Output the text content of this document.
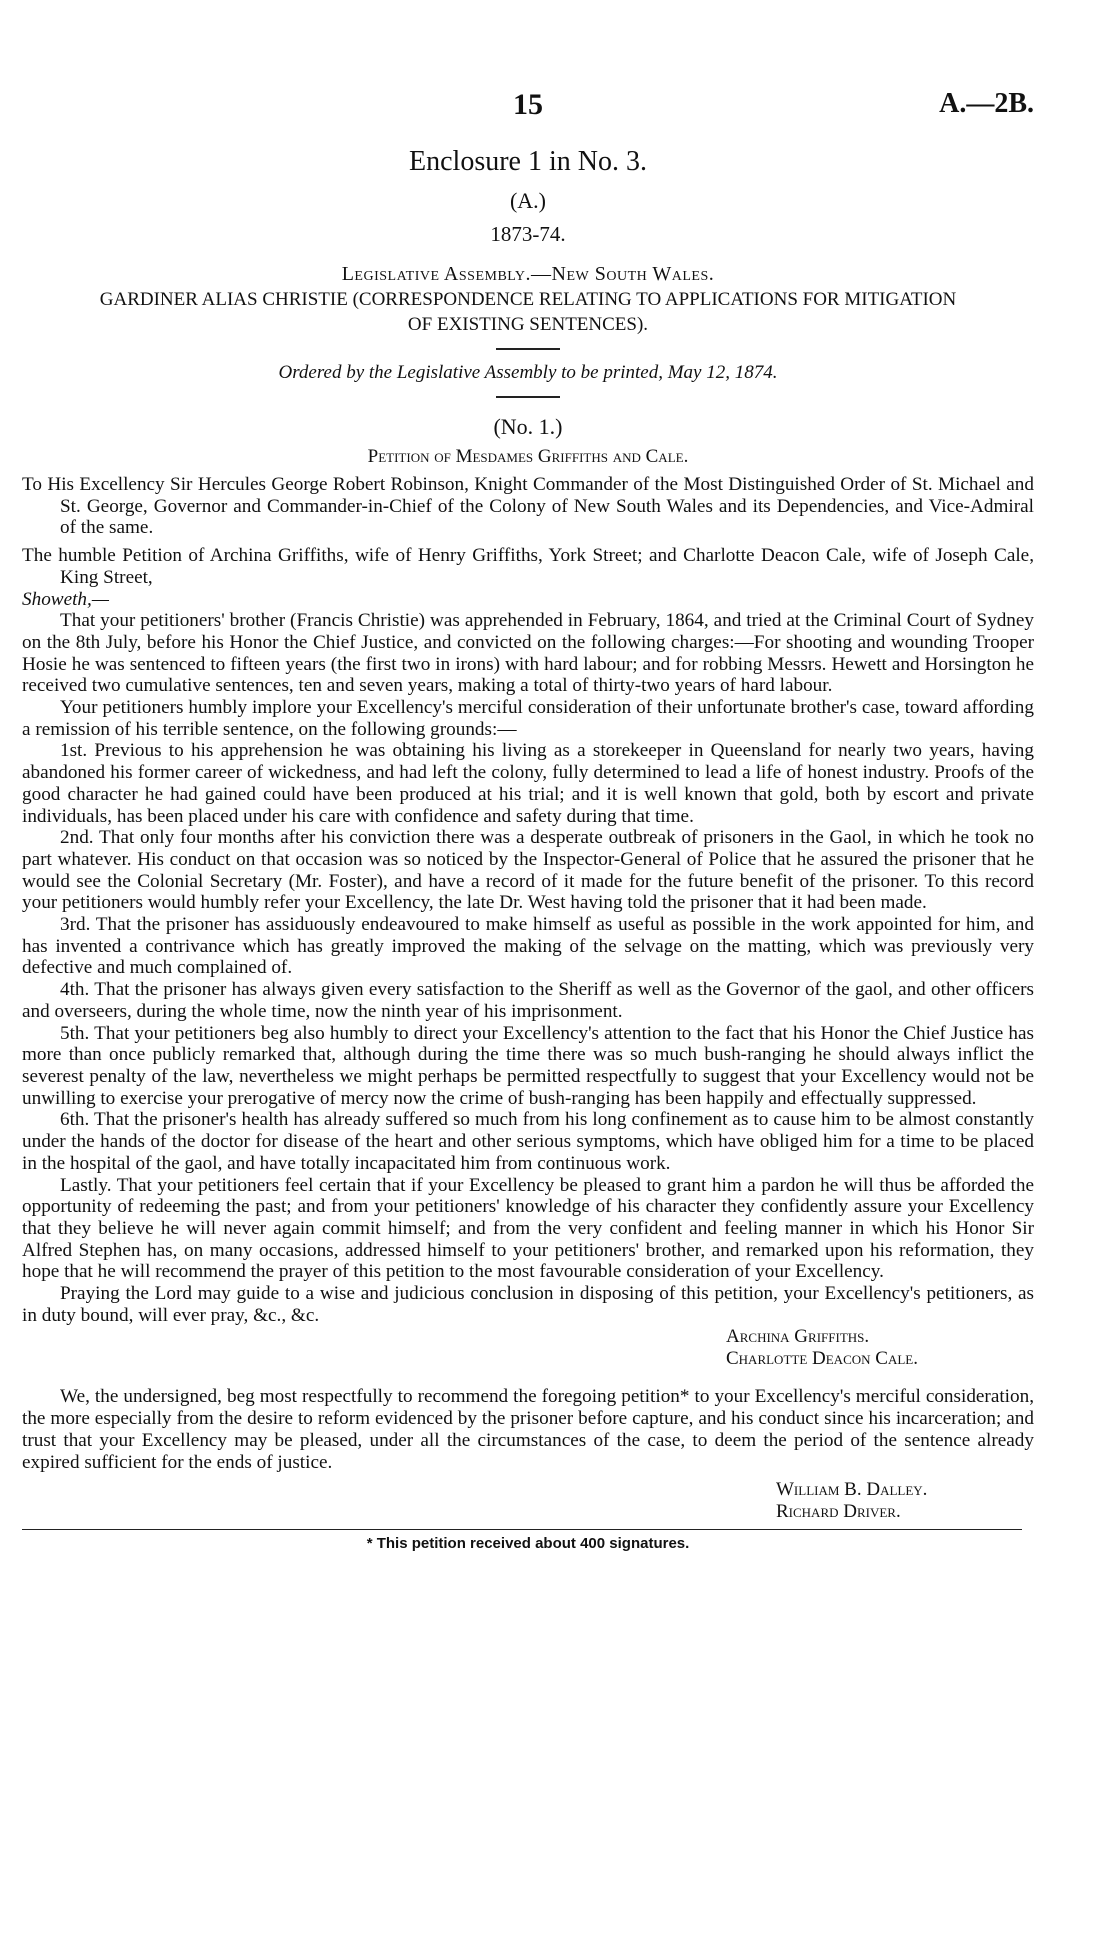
15	A.—2B.
Enclosure 1 in No. 3.
(A.)
1873-74.
Legislative Assembly.—New South Wales.
GARDINER ALIAS CHRISTIE (CORRESPONDENCE RELATING TO APPLICATIONS FOR MITIGATION
OF EXISTING SENTENCES).
Ordered by the Legislative Assembly to be printed, May 12, 1874.
(No. 1.)
Petition of Mesdames Griffiths and Cale.

To His Excellency Sir Hercules George Robert Robinson, Knight Commander of the Most Distinguished Order of St. Michael and St. George, Governor and Commander-in-Chief of the Colony of New South Wales and its Dependencies, and Vice-Admiral of the same.

The humble Petition of Archina Griffiths, wife of Henry Griffiths, York Street; and Charlotte Deacon Cale, wife of Joseph Cale, King Street,

Showeth,—

That your petitioners' brother (Francis Christie) was apprehended in February, 1864, and tried at the Criminal Court of Sydney on the 8th July, before his Honor the Chief Justice, and convicted on the following charges:—For shooting and wounding Trooper Hosie he was sentenced to fifteen years (the first two in irons) with hard labour; and for robbing Messrs. Hewett and Horsington he received two cumulative sentences, ten and seven years, making a total of thirty-two years of hard labour.

Your petitioners humbly implore your Excellency's merciful consideration of their unfortunate brother's case, toward affording a remission of his terrible sentence, on the following grounds:—

1st. Previous to his apprehension he was obtaining his living as a storekeeper in Queensland for nearly two years, having abandoned his former career of wickedness, and had left the colony, fully determined to lead a life of honest industry. Proofs of the good character he had gained could have been produced at his trial; and it is well known that gold, both by escort and private individuals, has been placed under his care with confidence and safety during that time.

2nd. That only four months after his conviction there was a desperate outbreak of prisoners in the Gaol, in which he took no part whatever. His conduct on that occasion was so noticed by the Inspector-General of Police that he assured the prisoner that he would see the Colonial Secretary (Mr. Foster), and have a record of it made for the future benefit of the prisoner. To this record your petitioners would humbly refer your Excellency, the late Dr. West having told the prisoner that it had been made.

3rd. That the prisoner has assiduously endeavoured to make himself as useful as possible in the work appointed for him, and has invented a contrivance which has greatly improved the making of the selvage on the matting, which was previously very defective and much complained of.

4th. That the prisoner has always given every satisfaction to the Sheriff as well as the Governor of the gaol, and other officers and overseers, during the whole time, now the ninth year of his imprisonment.

5th. That your petitioners beg also humbly to direct your Excellency's attention to the fact that his Honor the Chief Justice has more than once publicly remarked that, although during the time there was so much bush-ranging he should always inflict the severest penalty of the law, nevertheless we might perhaps be permitted respectfully to suggest that your Excellency would not be unwilling to exercise your prerogative of mercy now the crime of bush-ranging has been happily and effectually suppressed.

6th. That the prisoner's health has already suffered so much from his long confinement as to cause him to be almost constantly under the hands of the doctor for disease of the heart and other serious symptoms, which have obliged him for a time to be placed in the hospital of the gaol, and have totally incapacitated him from continuous work.

Lastly. That your petitioners feel certain that if your Excellency be pleased to grant him a pardon he will thus be afforded the opportunity of redeeming the past; and from your petitioners' knowledge of his character they confidently assure your Excellency that they believe he will never again commit himself; and from the very confident and feeling manner in which his Honor Sir Alfred Stephen has, on many occasions, addressed himself to your petitioners' brother, and remarked upon his reformation, they hope that he will recommend the prayer of this petition to the most favourable consideration of your Excellency.

Praying the Lord may guide to a wise and judicious conclusion in disposing of this petition, your Excellency's petitioners, as in duty bound, will ever pray, &c., &c.

Archina Griffiths.
Charlotte Deacon Cale.

We, the undersigned, beg most respectfully to recommend the foregoing petition* to your Excellency's merciful consideration, the more especially from the desire to reform evidenced by the prisoner before capture, and his conduct since his incarceration; and trust that your Excellency may be pleased, under all the circumstances of the case, to deem the period of the sentence already expired sufficient for the ends of justice.

William B. Dalley.
Richard Driver.
* This petition received about 400 signatures.
